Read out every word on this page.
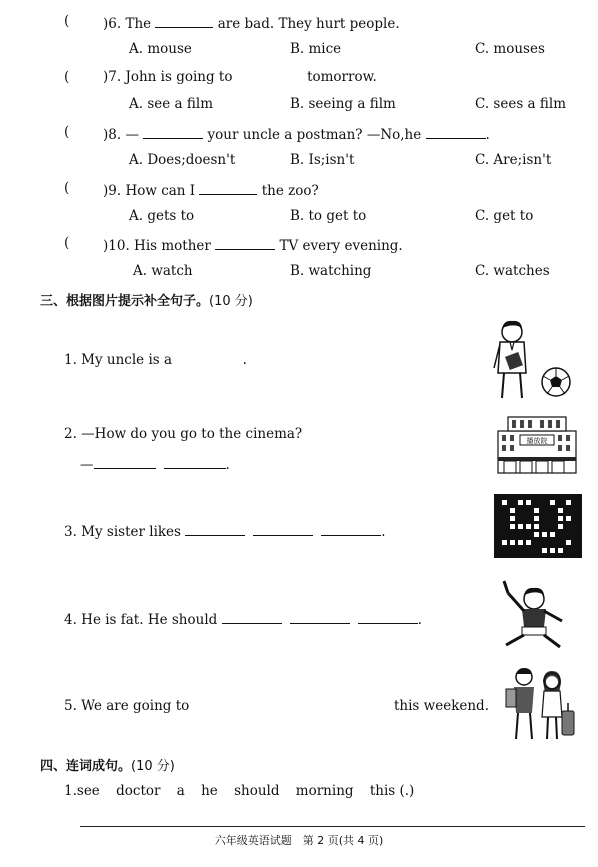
( )6. The	are bad. They hurt people.
A. mouse	B. mice	C. mouses
( )7. John is going to	tomorrow.
A. see a film	B. seeing a film	C. sees a film
( )8. —	your uncle a postman? —No,he	.
A. Does;doesn't	B. Is;isn't	C. Are;isn't
( )9. How can I	the zoo?
A. gets to	B. to get to	C. get to
( )10. His mother	TV every evening.
A. watch	B. watching	C. watches
三、根据图片提示补全句子。(10 分)
1. My uncle is a	.
2. —How do you go to the cinema?
—	.
3. My sister likes	.
4. He is fat. He should	.
5. We are going to	this weekend.
四、连词成句。(10 分)
1.see doctor a he should morning this (.)
播放院
六年级英语试题　第 2 页(共 4 页)
